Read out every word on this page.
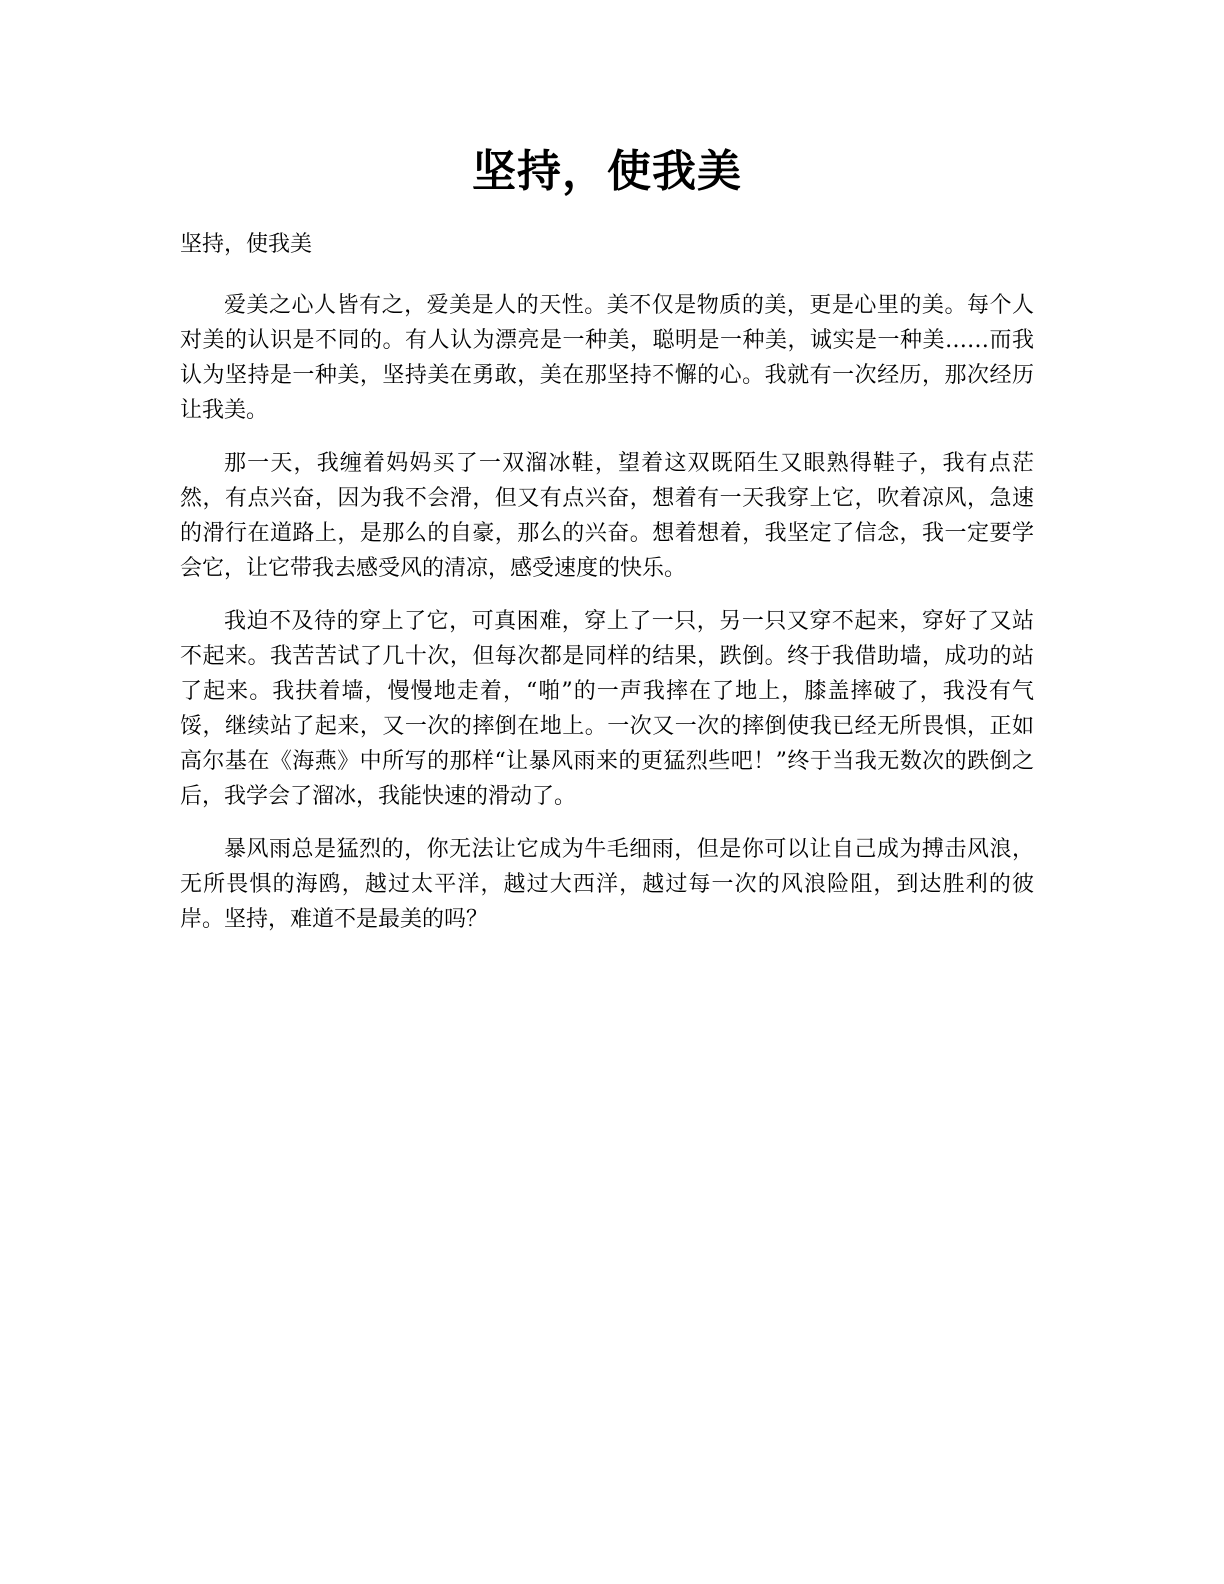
坚持，使我美
坚持，使我美

爱美之心人皆有之，爱美是人的天性。美不仅是物质的美，更是心里的美。每个人对美的认识是不同的。有人认为漂亮是一种美，聪明是一种美，诚实是一种美……而我认为坚持是一种美，坚持美在勇敢，美在那坚持不懈的心。我就有一次经历，那次经历让我美。

那一天，我缠着妈妈买了一双溜冰鞋，望着这双既陌生又眼熟得鞋子，我有点茫然，有点兴奋，因为我不会滑，但又有点兴奋，想着有一天我穿上它，吹着凉风，急速的滑行在道路上，是那么的自豪，那么的兴奋。想着想着，我坚定了信念，我一定要学会它，让它带我去感受风的清凉，感受速度的快乐。

我迫不及待的穿上了它，可真困难，穿上了一只，另一只又穿不起来，穿好了又站不起来。我苦苦试了几十次，但每次都是同样的结果，跌倒。终于我借助墙，成功的站了起来。我扶着墙，慢慢地走着，“啪”的一声我摔在了地上，膝盖摔破了，我没有气馁，继续站了起来，又一次的摔倒在地上。一次又一次的摔倒使我已经无所畏惧，正如高尔基在《海燕》中所写的那样“让暴风雨来的更猛烈些吧！”终于当我无数次的跌倒之后，我学会了溜冰，我能快速的滑动了。

暴风雨总是猛烈的，你无法让它成为牛毛细雨，但是你可以让自己成为搏击风浪，无所畏惧的海鸥，越过太平洋，越过大西洋，越过每一次的风浪险阻，到达胜利的彼岸。坚持，难道不是最美的吗？
